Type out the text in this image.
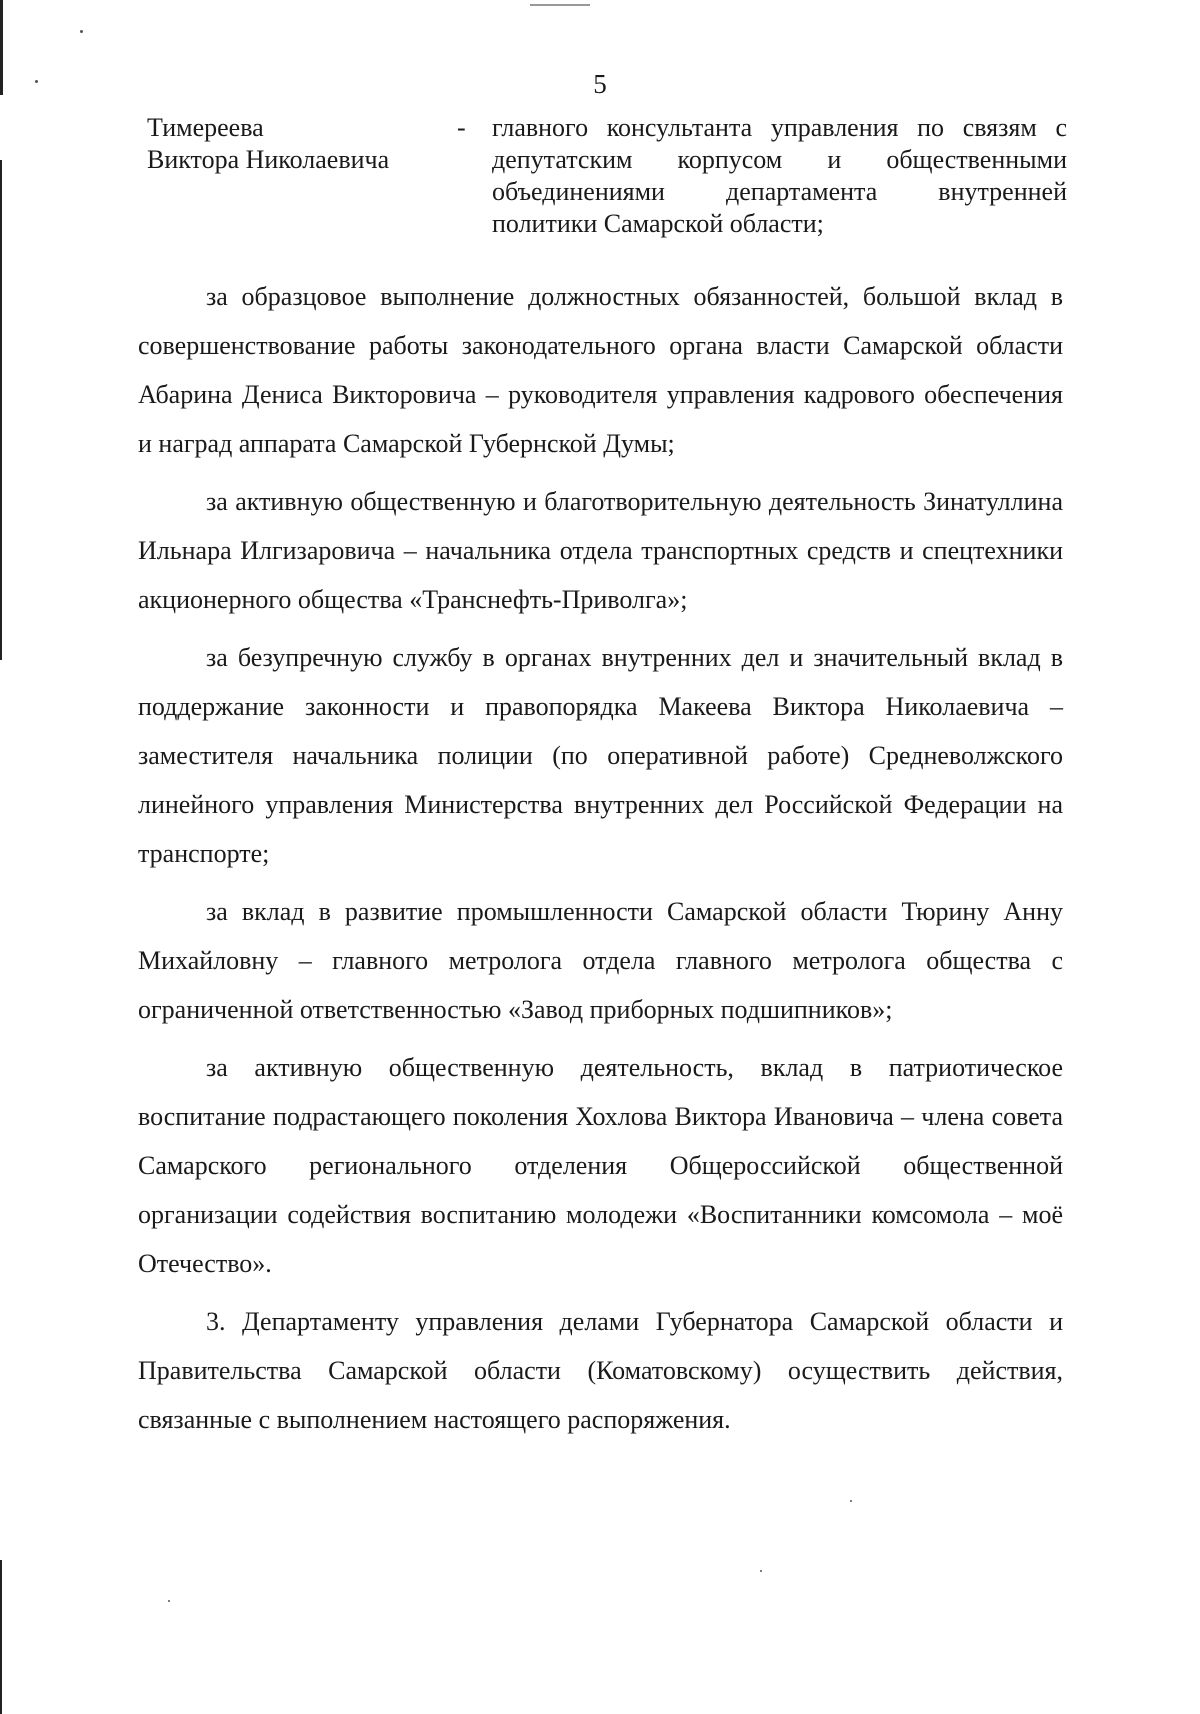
5
Тимереева
Виктора Николаевича
- главного консультанта управления по связям с депутатским корпусом и общественными объединениями департамента внутренней политики Самарской области;

за образцовое выполнение должностных обязанностей, большой вклад в совершенствование работы законодательного органа власти Самарской области Абарина Дениса Викторовича – руководителя управления кадрового обеспечения и наград аппарата Самарской Губернской Думы;

за активную общественную и благотворительную деятельность Зинатуллина Ильнара Илгизаровича – начальника отдела транспортных средств и спецтехники акционерного общества «Транснефть-Приволга»;

за безупречную службу в органах внутренних дел и значительный вклад в поддержание законности и правопорядка Макеева Виктора Николаевича – заместителя начальника полиции (по оперативной работе) Средневолжского линейного управления Министерства внутренних дел Российской Федерации на транспорте;

за вклад в развитие промышленности Самарской области Тюрину Анну Михайловну – главного метролога отдела главного метролога общества с ограниченной ответственностью «Завод приборных подшипников»;

за активную общественную деятельность, вклад в патриотическое воспитание подрастающего поколения Хохлова Виктора Ивановича – члена совета Самарского регионального отделения Общероссийской общественной организации содействия воспитанию молодежи «Воспитанники комсомола – моё Отечество».

3. Департаменту управления делами Губернатора Самарской области и Правительства Самарской области (Коматовскому) осуществить действия, связанные с выполнением настоящего распоряжения.
